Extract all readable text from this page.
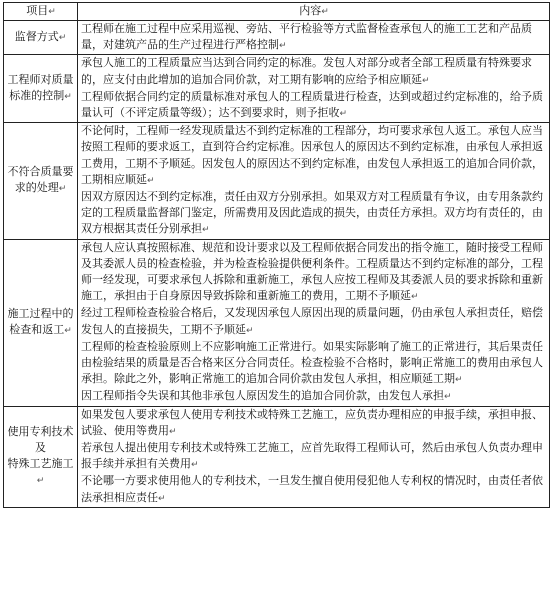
项目↵	内容↵

监督方式↵	工程师在施工过程中应采用巡视、旁站、平行检验等方式监督检查承包人的施工工艺和产品质量，对建筑产品的生产过程进行严格控制↵

工程师对质量
标准的控制↵	承包人施工的工程质量应当达到合同约定的标准。发包人对部分或者全部工程质量有特殊要求的，应支付由此增加的追加合同价款，对工期有影响的应给予相应顺延↵
工程师依据合同约定的质量标准对承包人的工程质量进行检查，达到或超过约定标准的，给予质量认可（不评定质量等级）；达不到要求时，则予拒收↵

不符合质量要
求的处理↵	不论何时，工程师一经发现质量达不到约定标准的工程部分，均可要求承包人返工。承包人应当按照工程师的要求返工，直到符合约定标准。因承包人的原因达不到约定标准，由承包人承担返工费用，工期不予顺延。因发包人的原因达不到约定标准，由发包人承担返工的追加合同价款，工期相应顺延↵
因双方原因达不到约定标准，责任由双方分别承担。如果双方对工程质量有争议，由专用条款约定的工程质量监督部门鉴定，所需费用及因此造成的损失，由责任方承担。双方均有责任的，由双方根据其责任分别承担↵

施工过程中的
检查和返工↵	承包人应认真按照标准、规范和设计要求以及工程师依据合同发出的指令施工，随时接受工程师及其委派人员的检查检验，并为检查检验提供便利条件。工程质量达不到约定标准的部分，工程师一经发现，可要求承包人拆除和重新施工，承包人应按工程师及其委派人员的要求拆除和重新施工，承担由于自身原因导致拆除和重新施工的费用，工期不予顺延↵
经过工程师检查检验合格后，又发现因承包人原因出现的质量问题，仍由承包人承担责任，赔偿发包人的直接损失，工期不予顺延↵
工程师的检查检验原则上不应影响施工正常进行。如果实际影响了施工的正常进行，其后果责任由检验结果的质量是否合格来区分合同责任。检查检验不合格时，影响正常施工的费用由承包人承担。除此之外，影响正常施工的追加合同价款由发包人承担，相应顺延工期↵
因工程师指令失误和其他非承包人原因发生的追加合同价款，由发包人承担↵

使用专利技术
及
特殊工艺施工↵	如果发包人要求承包人使用专利技术或特殊工艺施工，应负责办理相应的申报手续，承担申报、试验、使用等费用↵
若承包人提出使用专利技术或特殊工艺施工，应首先取得工程师认可，然后由承包人负责办理申报手续并承担有关费用↵
不论哪一方要求使用他人的专利技术，一旦发生擅自使用侵犯他人专利权的情况时，由责任者依法承担相应责任↵
